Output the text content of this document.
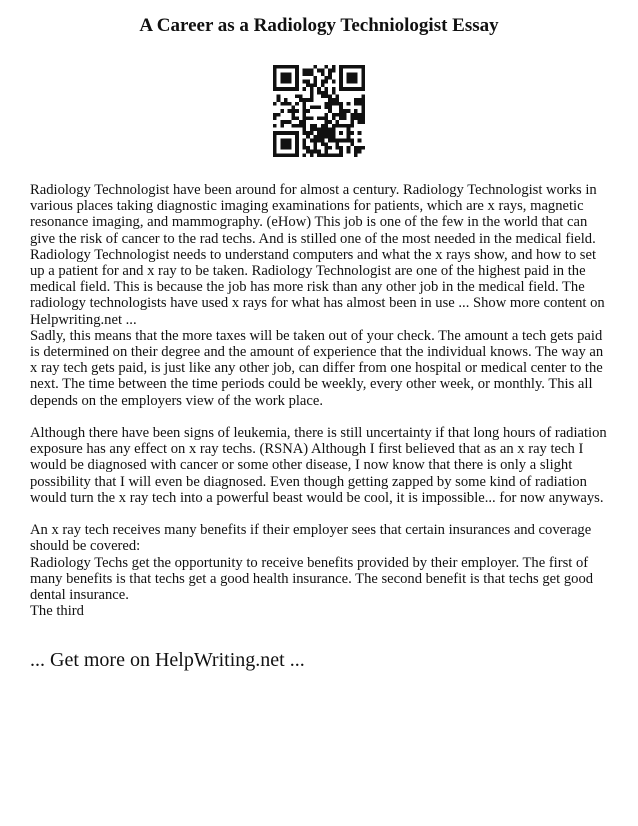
A Career as a Radiology Techniologist Essay

Radiology Technologist have been around for almost a century. Radiology Technologist works in various places taking diagnostic imaging examinations for patients, which are x rays, magnetic resonance imaging, and mammography. (eHow) This job is one of the few in the world that can give the risk of cancer to the rad techs. And is stilled one of the most needed in the medical field. Radiology Technologist needs to understand computers and what the x rays show, and how to set up a patient for and x ray to be taken. Radiology Technologist are one of the highest paid in the medical field. This is because the job has more risk than any other job in the medical field. The radiology technologists have used x rays for what has almost been in use ... Show more content on Helpwriting.net ...

Sadly, this means that the more taxes will be taken out of your check. The amount a tech gets paid is determined on their degree and the amount of experience that the individual knows. The way an x ray tech gets paid, is just like any other job, can differ from one hospital or medical center to the next. The time between the time periods could be weekly, every other week, or monthly. This all depends on the employers view of the work place.

Although there have been signs of leukemia, there is still uncertainty if that long hours of radiation exposure has any effect on x ray techs. (RSNA) Although I first believed that as an x ray tech I would be diagnosed with cancer or some other disease, I now know that there is only a slight possibility that I will even be diagnosed. Even though getting zapped by some kind of radiation would turn the x ray tech into a powerful beast would be cool, it is impossible... for now anyways.

An x ray tech receives many benefits if their employer sees that certain insurances and coverage should be covered:

Radiology Techs get the opportunity to receive benefits provided by their employer. The first of many benefits is that techs get a good health insurance. The second benefit is that techs get good dental insurance.

The third

... Get more on HelpWriting.net ...
